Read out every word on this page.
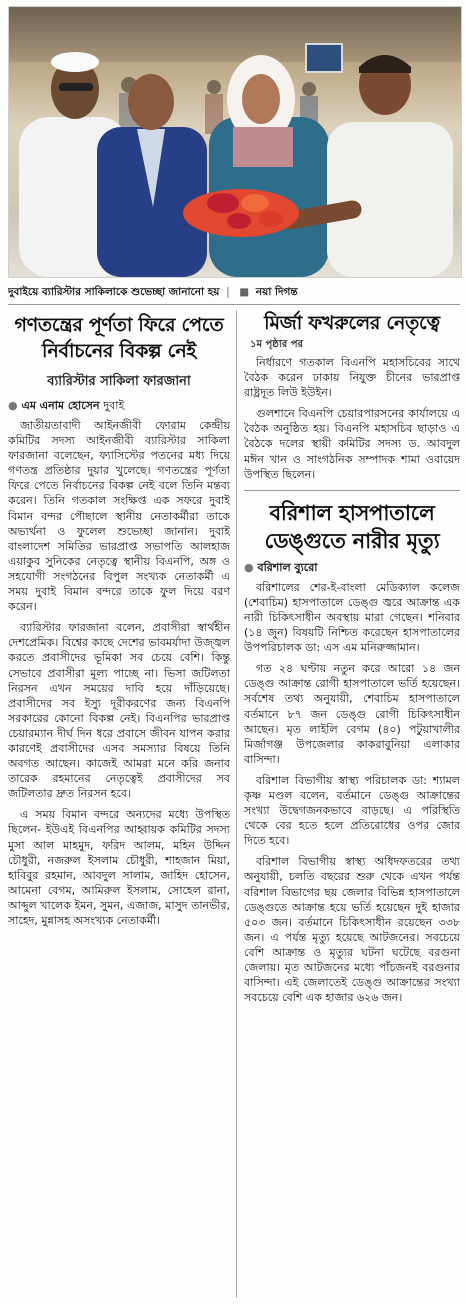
দুবাইয়ে ব্যারিস্টার সাকিলাকে শুভেচ্ছা জানানো হয় | ■ নয়া দিগন্ত
গণতন্ত্রের পূর্ণতা ফিরে পেতে নির্বাচনের বিকল্প নেই
ব্যারিস্টার সাকিলা ফারজানা
● এম এনাম হোসেন দুবাই

জাতীয়তাবাদী আইনজীবী ফোরাম কেন্দ্রীয় কমিটির সদস্য আইনজীবী ব্যারিস্টার সাকিলা ফারজানা বলেছেন, ফ্যাসিস্টের পতনের মধ্য দিয়ে গণতন্ত্র প্রতিষ্ঠার দুয়ার খুলেছে। গণতন্ত্রের পূর্ণতা ফিরে পেতে নির্বাচনের বিকল্প নেই বলে তিনি মন্তব্য করেন। তিনি গতকাল সংক্ষিপ্ত এক সফরে দুবাই বিমান বন্দর পৌছালে স্থানীয় নেতাকর্মীরা তাকে অভ্যর্থনা ও ফুলেল শুভেচ্ছা জানান। দুবাই বাংলাদেশ সমিতির ভারপ্রাপ্ত সভাপতি আলহাজ এয়াকুব সুনিকের নেতৃত্বে স্থানীয় বিএনপি, অঙ্গ ও সহযোগী সংগঠনের বিপুল সংখ্যক নেতাকর্মী এ সময় দুবাই বিমান বন্দরে তাকে ফুল দিয়ে বরণ করেন।

ব্যারিস্টার ফারজানা বলেন, প্রবাসীরা স্বার্থহীন দেশপ্রেমিক। বিশ্বের কাছে দেশের ভাবমর্যাদা উজ্জ্বল করতে প্রবাসীদের ভূমিকা সব চেয়ে বেশি। কিন্তু সেভাবে প্রবাসীরা মূল্য পাচ্ছে না। ভিসা জটিলতা নিরসন এখন সময়ের দাবি হয়ে দাঁড়িয়েছে। প্রবাসীদের সব ইস্যু দূরীকরণের জন্য বিএনপি সরকারের কোনো বিকল্প নেই। বিএনপির ভারপ্রাপ্ত চেয়ারম্যান দীর্ঘ দিন ধরে প্রবাসে জীবন যাপন করার কারণেই প্রবাসীদের এসব সমস্যার বিষয়ে তিনি অবগত আছেন। কাজেই আমরা মনে করি জনাব তারেক রহমানের নেতৃত্বেই প্রবাসীদের সব জটিলতার দ্রুত নিরসন হবে।

এ সময় বিমান বন্দরে অন্যদের মধ্যে উপস্থিত ছিলেন- ইউএই বিএনপির আহ্বায়ক কমিটির সদস্য মুসা আল মাহমুদ, ফরিদ আলম, মহিন উদ্দিন চৌধুরী, নজরুল ইসলাম চৌধুরী, শাহজান মিয়া, হাবিবুর রহমান, আবদুল সালাম, জাহিদ হোসেন, আমেনা বেগম, আমিরুল ইসলাম, সোহেল রানা, আব্দুল খালেক ইমন, সুমন, এজাজ, মাসুদ তানভীর, সাহেদ, মুন্নাসহ অসংখ্যক নেতাকর্মী।

মির্জা ফখরুলের নেতৃত্বে
১ম পৃষ্ঠার পর

নির্ধারণে গতকাল বিএনপি মহাসচিবের সাথে বৈঠক করেন ঢাকায় নিযুক্ত চীনের ভারপ্রাপ্ত রাষ্ট্রদূত লিউ ইউইন।

গুলশানে বিএনপি চেয়ারপারসনের কার্যালয়ে এ বৈঠক অনুষ্ঠিত হয়। বিএনপি মহাসচিব ছাড়াও এ বৈঠকে দলের স্থায়ী কমিটির সদস্য ড. আবদুল মঈন খান ও সাংগঠনিক সম্পাদক শামা ওবায়েদ উপস্থিত ছিলেন।

বরিশাল হাসপাতালে ডেঙ্গুতে নারীর মৃত্যু
● বরিশাল ব্যুরো

বরিশালের শের-ই-বাংলা মেডিক্যাল কলেজ (শেবাচিম) হাসপাতালে ডেঙ্গু জ্বরে আক্রান্ত এক নারী চিকিৎসাধীন অবস্থায় মারা গেছেন। শনিবার (১৪ জুন) বিষয়টি নিশ্চিত করেছেন হাসপাতালের উপপরিচালক ডা: এস এম মনিরুজ্জামান।

গত ২৪ ঘণ্টায় নতুন করে আরো ১৪ জন ডেঙ্গু আক্রান্ত রোগী হাসপাতালে ভর্তি হয়েছেন। সর্বশেষ তথ্য অনুযায়ী, শেবাচিম হাসপাতালে বর্তমানে ৮৭ জন ডেঙ্গু রোগী চিকিৎসাধীন আছেন। মৃত লাইলি বেগম (৪০) পটুয়াখালীর মির্জাগঞ্জ উপজেলার কাকরাবুনিয়া এলাকার বাসিন্দা।

বরিশাল বিভাগীয় স্বাস্থ্য পরিচালক ডা: শ্যামল কৃষ্ণ মণ্ডল বলেন, বর্তমানে ডেঙ্গু আক্রান্তের সংখ্যা উদ্বেগজনকভাবে বাড়ছে। এ পরিস্থিতি থেকে বের হতে হলে প্রতিরোধের ওপর জোর দিতে হবে।

বরিশাল বিভাগীয় স্বাস্থ্য অধিদফতরের তথ্য অনুযায়ী, চলতি বছরের শুরু থেকে এখন পর্যন্ত বরিশাল বিভাগের ছয় জেলার বিভিন্ন হাসপাতালে ডেঙ্গুতে আক্রান্ত হয়ে ভর্তি হয়েছেন দুই হাজার ৫০৩ জন। বর্তমানে চিকিৎসাধীন রয়েছেন ৩৩৮ জন। এ পর্যন্ত মৃত্যু হয়েছে আটজনের। সবচেয়ে বেশি আক্রান্ত ও মৃত্যুর ঘটনা ঘটেছে বরগুনা জেলায়। মৃত আটজনের মধ্যে পাঁচজনই বরগুনার বাসিন্দা। এই জেলাতেই ডেঙ্গু আক্রান্তের সংখ্যা সবচেয়ে বেশি এক হাজার ৬২৬ জন।
